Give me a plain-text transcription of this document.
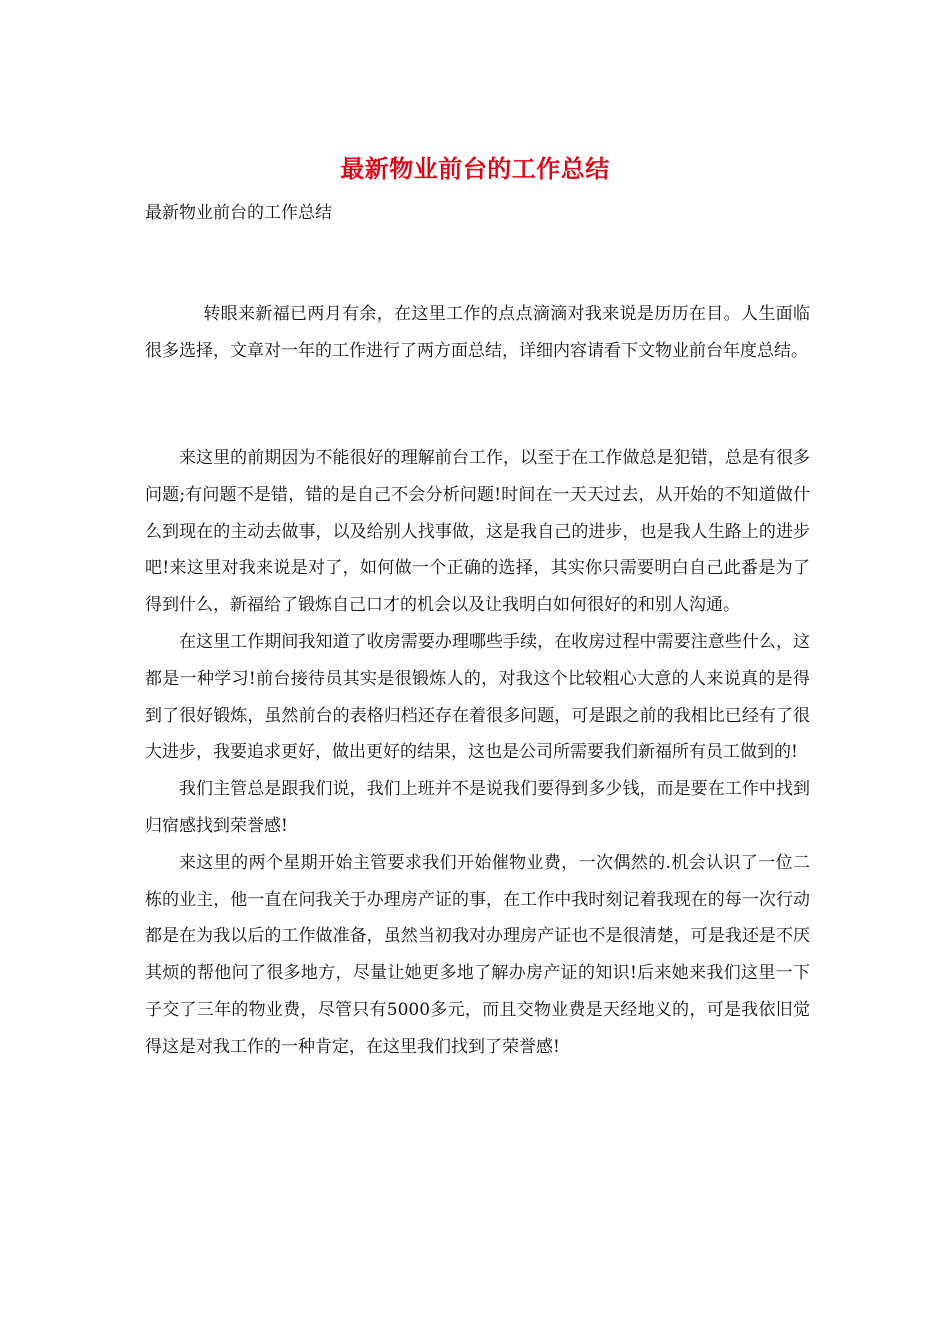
最新物业前台的工作总结
最新物业前台的工作总结

转眼来新福已两月有余，在这里工作的点点滴滴对我来说是历历在目。人生面临很多选择，文章对一年的工作进行了两方面总结，详细内容请看下文物业前台年度总结。

来这里的前期因为不能很好的理解前台工作，以至于在工作做总是犯错，总是有很多问题;有问题不是错，错的是自己不会分析问题!时间在一天天过去，从开始的不知道做什么到现在的主动去做事，以及给别人找事做，这是我自己的进步，也是我人生路上的进步吧!来这里对我来说是对了，如何做一个正确的选择，其实你只需要明白自己此番是为了得到什么，新福给了锻炼自己口才的机会以及让我明白如何很好的和别人沟通。

在这里工作期间我知道了收房需要办理哪些手续，在收房过程中需要注意些什么，这都是一种学习!前台接待员其实是很锻炼人的，对我这个比较粗心大意的人来说真的是得到了很好锻炼，虽然前台的表格归档还存在着很多问题，可是跟之前的我相比已经有了很大进步，我要追求更好，做出更好的结果，这也是公司所需要我们新福所有员工做到的!

我们主管总是跟我们说，我们上班并不是说我们要得到多少钱，而是要在工作中找到归宿感找到荣誉感!

来这里的两个星期开始主管要求我们开始催物业费，一次偶然的.机会认识了一位二栋的业主，他一直在问我关于办理房产证的事，在工作中我时刻记着我现在的每一次行动都是在为我以后的工作做准备，虽然当初我对办理房产证也不是很清楚，可是我还是不厌其烦的帮他问了很多地方，尽量让她更多地了解办房产证的知识!后来她来我们这里一下子交了三年的物业费，尽管只有5000多元，而且交物业费是天经地义的，可是我依旧觉得这是对我工作的一种肯定，在这里我们找到了荣誉感!
